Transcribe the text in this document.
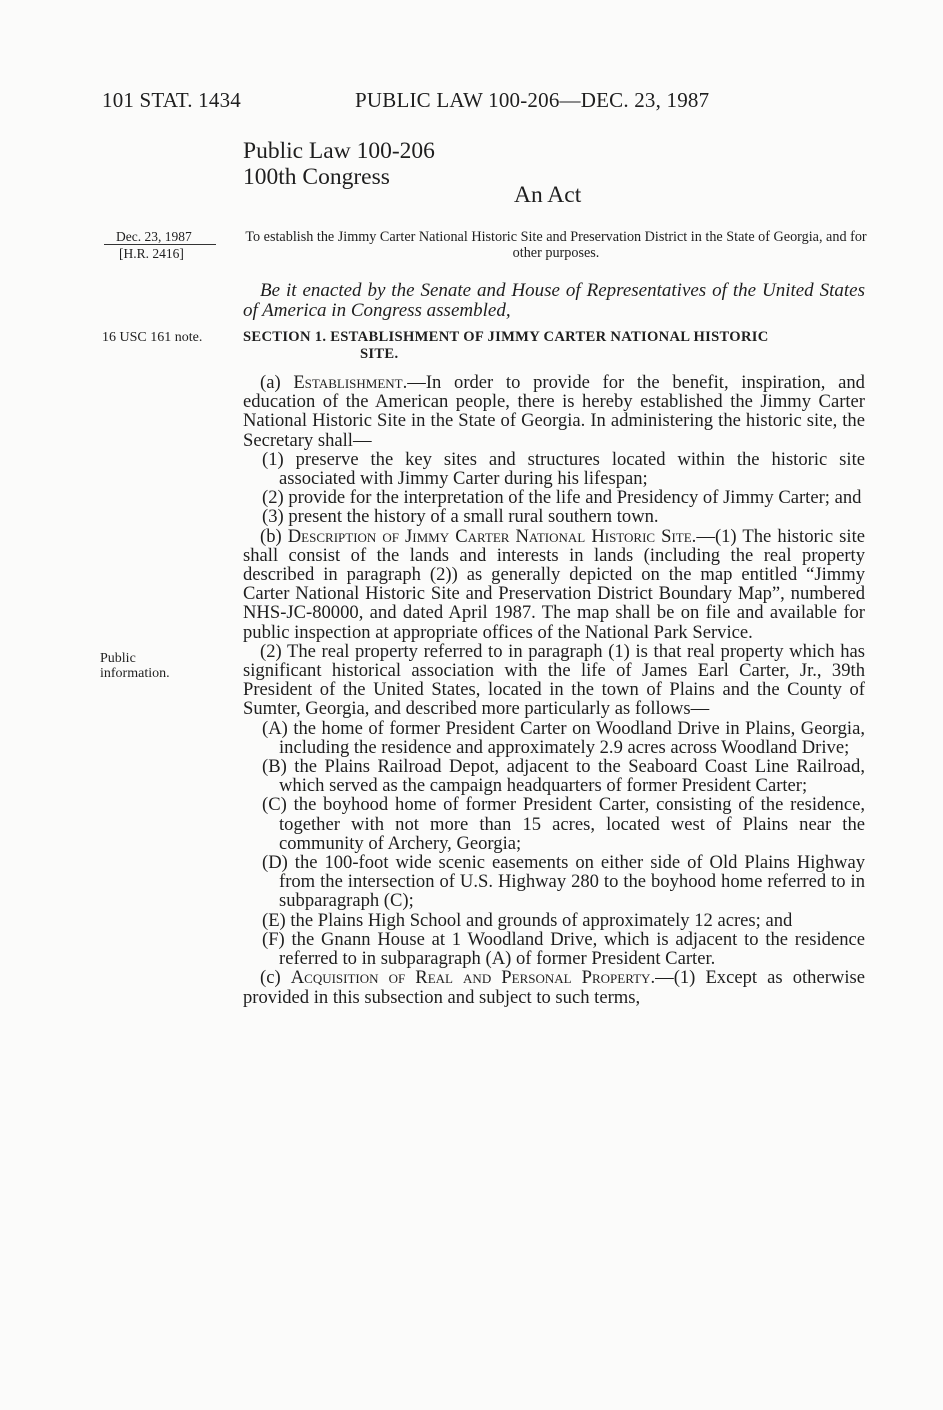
101 STAT. 1434	PUBLIC LAW 100-206—DEC. 23, 1987
Public Law 100-206
100th Congress
An Act
Dec. 23, 1987
[H.R. 2416]
16 USC 161 note.
Public
information.
To establish the Jimmy Carter National Historic Site and Preservation District in the State of Georgia, and for other purposes.

Be it enacted by the Senate and House of Representatives of the United States of America in Congress assembled,

SECTION 1. ESTABLISHMENT OF JIMMY CARTER NATIONAL HISTORIC
SITE.

(a) Establishment.—In order to provide for the benefit, inspiration, and education of the American people, there is hereby established the Jimmy Carter National Historic Site in the State of Georgia. In administering the historic site, the Secretary shall—

(1) preserve the key sites and structures located within the historic site associated with Jimmy Carter during his lifespan;

(2) provide for the interpretation of the life and Presidency of Jimmy Carter; and

(3) present the history of a small rural southern town.

(b) Description of Jimmy Carter National Historic Site.—(1) The historic site shall consist of the lands and interests in lands (including the real property described in paragraph (2)) as generally depicted on the map entitled “Jimmy Carter National Historic Site and Preservation District Boundary Map”, numbered NHS-JC-80000, and dated April 1987. The map shall be on file and available for public inspection at appropriate offices of the National Park Service.

(2) The real property referred to in paragraph (1) is that real property which has significant historical association with the life of James Earl Carter, Jr., 39th President of the United States, located in the town of Plains and the County of Sumter, Georgia, and described more particularly as follows—

(A) the home of former President Carter on Woodland Drive in Plains, Georgia, including the residence and approximately 2.9 acres across Woodland Drive;

(B) the Plains Railroad Depot, adjacent to the Seaboard Coast Line Railroad, which served as the campaign headquarters of former President Carter;

(C) the boyhood home of former President Carter, consisting of the residence, together with not more than 15 acres, located west of Plains near the community of Archery, Georgia;

(D) the 100-foot wide scenic easements on either side of Old Plains Highway from the intersection of U.S. Highway 280 to the boyhood home referred to in subparagraph (C);

(E) the Plains High School and grounds of approximately 12 acres; and

(F) the Gnann House at 1 Woodland Drive, which is adjacent to the residence referred to in subparagraph (A) of former President Carter.

(c) Acquisition of Real and Personal Property.—(1) Except as otherwise provided in this subsection and subject to such terms,
